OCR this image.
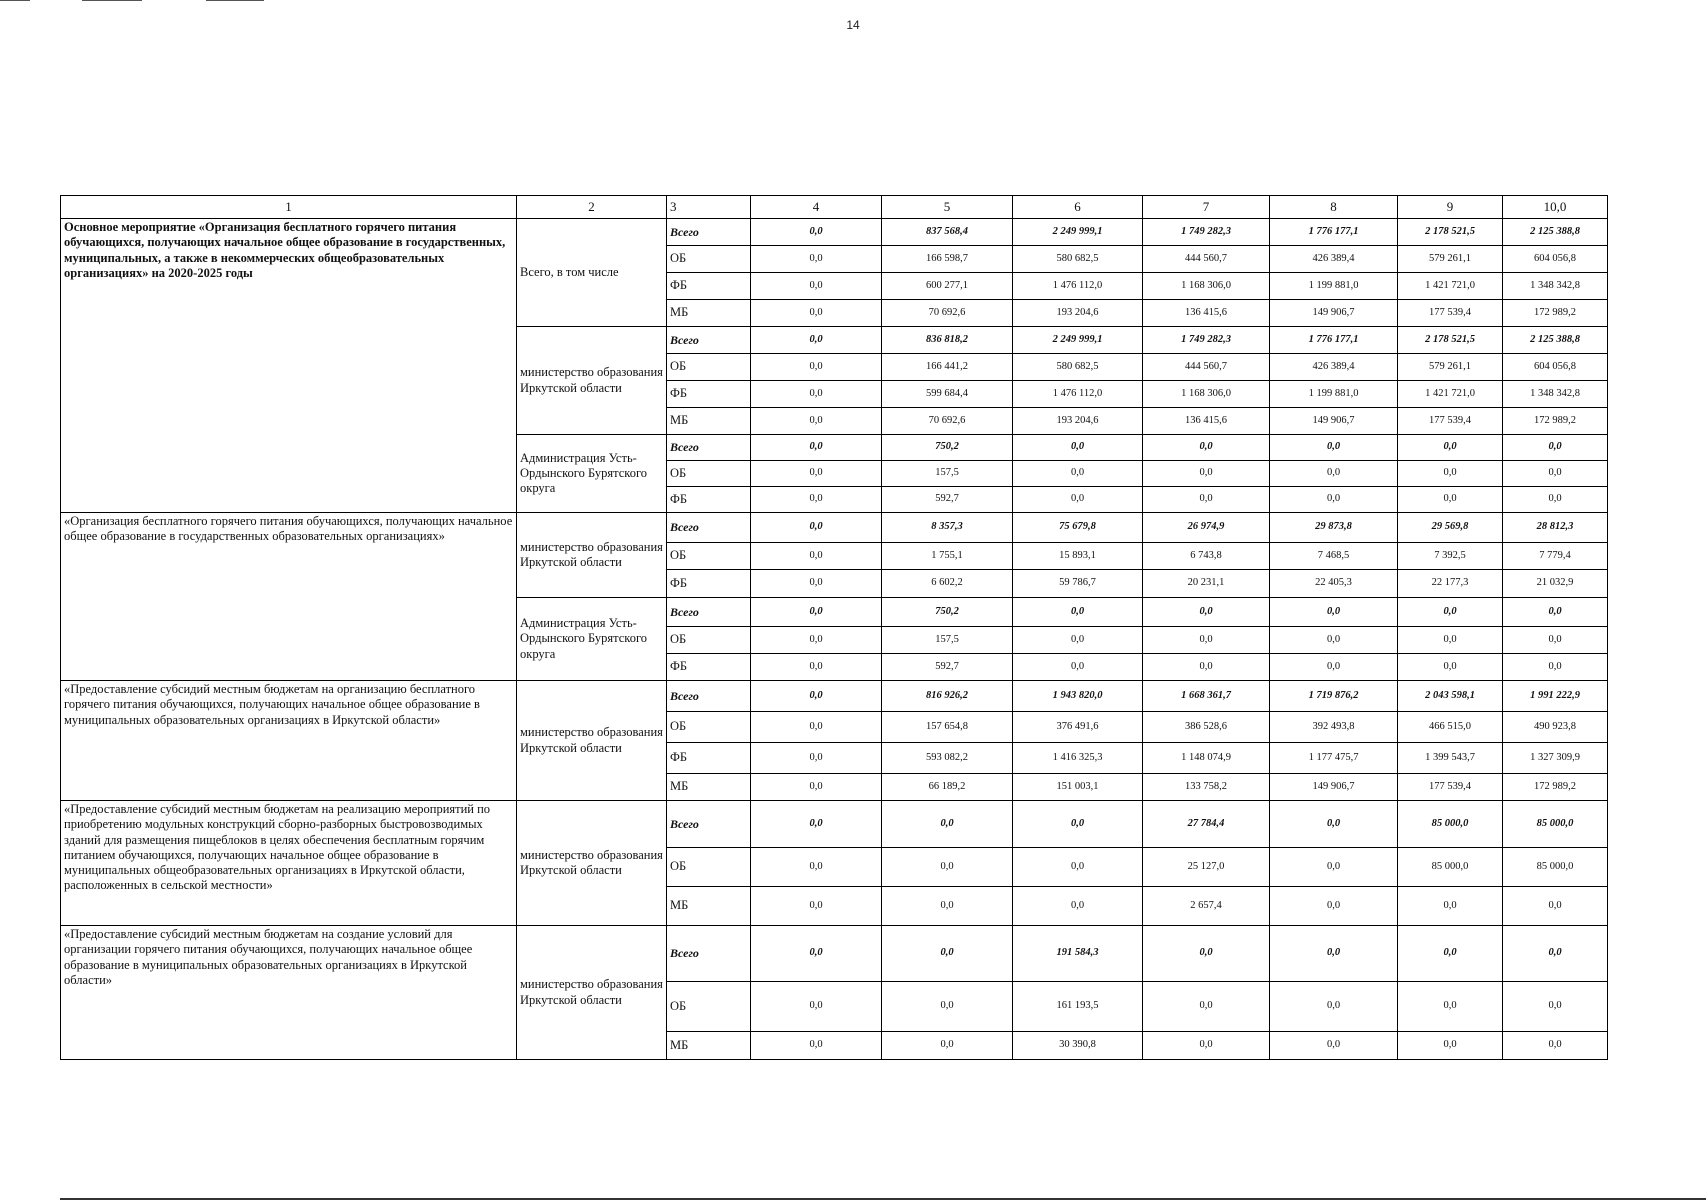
14
1	2	3	4	5	6	7	8	9	10,0
Основное мероприятие «Организация бесплатного горячего питания обучающихся, получающих начальное общее образование в государственных, муниципальных, а также в некоммерческих общеобразовательных организациях» на 2020-2025 годы	Всего, в том числе	Всего	0,0	837 568,4	2 249 999,1	1 749 282,3	1 776 177,1	2 178 521,5	2 125 388,8
		ОБ	0,0	166 598,7	580 682,5	444 560,7	426 389,4	579 261,1	604 056,8
		ФБ	0,0	600 277,1	1 476 112,0	1 168 306,0	1 199 881,0	1 421 721,0	1 348 342,8
		МБ	0,0	70 692,6	193 204,6	136 415,6	149 906,7	177 539,4	172 989,2
	министерство образования Иркутской области	Всего	0,0	836 818,2	2 249 999,1	1 749 282,3	1 776 177,1	2 178 521,5	2 125 388,8
		ОБ	0,0	166 441,2	580 682,5	444 560,7	426 389,4	579 261,1	604 056,8
		ФБ	0,0	599 684,4	1 476 112,0	1 168 306,0	1 199 881,0	1 421 721,0	1 348 342,8
		МБ	0,0	70 692,6	193 204,6	136 415,6	149 906,7	177 539,4	172 989,2
	Администрация Усть-Ордынского Бурятского округа	Всего	0,0	750,2	0,0	0,0	0,0	0,0	0,0
		ОБ	0,0	157,5	0,0	0,0	0,0	0,0	0,0
		ФБ	0,0	592,7	0,0	0,0	0,0	0,0	0,0
«Организация бесплатного горячего питания обучающихся, получающих начальное общее образование в государственных образовательных организациях»	министерство образования Иркутской области	Всего	0,0	8 357,3	75 679,8	26 974,9	29 873,8	29 569,8	28 812,3
		ОБ	0,0	1 755,1	15 893,1	6 743,8	7 468,5	7 392,5	7 779,4
		ФБ	0,0	6 602,2	59 786,7	20 231,1	22 405,3	22 177,3	21 032,9
	Администрация Усть-Ордынского Бурятского округа	Всего	0,0	750,2	0,0	0,0	0,0	0,0	0,0
		ОБ	0,0	157,5	0,0	0,0	0,0	0,0	0,0
		ФБ	0,0	592,7	0,0	0,0	0,0	0,0	0,0
«Предоставление субсидий местным бюджетам на организацию бесплатного горячего питания обучающихся, получающих начальное общее образование в муниципальных образовательных организациях в Иркутской области»	министерство образования Иркутской области	Всего	0,0	816 926,2	1 943 820,0	1 668 361,7	1 719 876,2	2 043 598,1	1 991 222,9
		ОБ	0,0	157 654,8	376 491,6	386 528,6	392 493,8	466 515,0	490 923,8
		ФБ	0,0	593 082,2	1 416 325,3	1 148 074,9	1 177 475,7	1 399 543,7	1 327 309,9
		МБ	0,0	66 189,2	151 003,1	133 758,2	149 906,7	177 539,4	172 989,2
«Предоставление субсидий местным бюджетам на реализацию мероприятий по приобретению модульных конструкций сборно-разборных быстровозводимых зданий для размещения пищеблоков в целях обеспечения бесплатным горячим питанием обучающихся, получающих начальное общее образование в муниципальных общеобразовательных организациях в Иркутской области, расположенных в сельской местности»	министерство образования Иркутской области	Всего	0,0	0,0	0,0	27 784,4	0,0	85 000,0	85 000,0
		ОБ	0,0	0,0	0,0	25 127,0	0,0	85 000,0	85 000,0
		МБ	0,0	0,0	0,0	2 657,4	0,0	0,0	0,0
«Предоставление субсидий местным бюджетам на создание условий для организации горячего питания обучающихся, получающих начальное общее образование в муниципальных образовательных организациях в Иркутской области»	министерство образования Иркутской области	Всего	0,0	0,0	191 584,3	0,0	0,0	0,0	0,0
		ОБ	0,0	0,0	161 193,5	0,0	0,0	0,0	0,0
		МБ	0,0	0,0	30 390,8	0,0	0,0	0,0	0,0
